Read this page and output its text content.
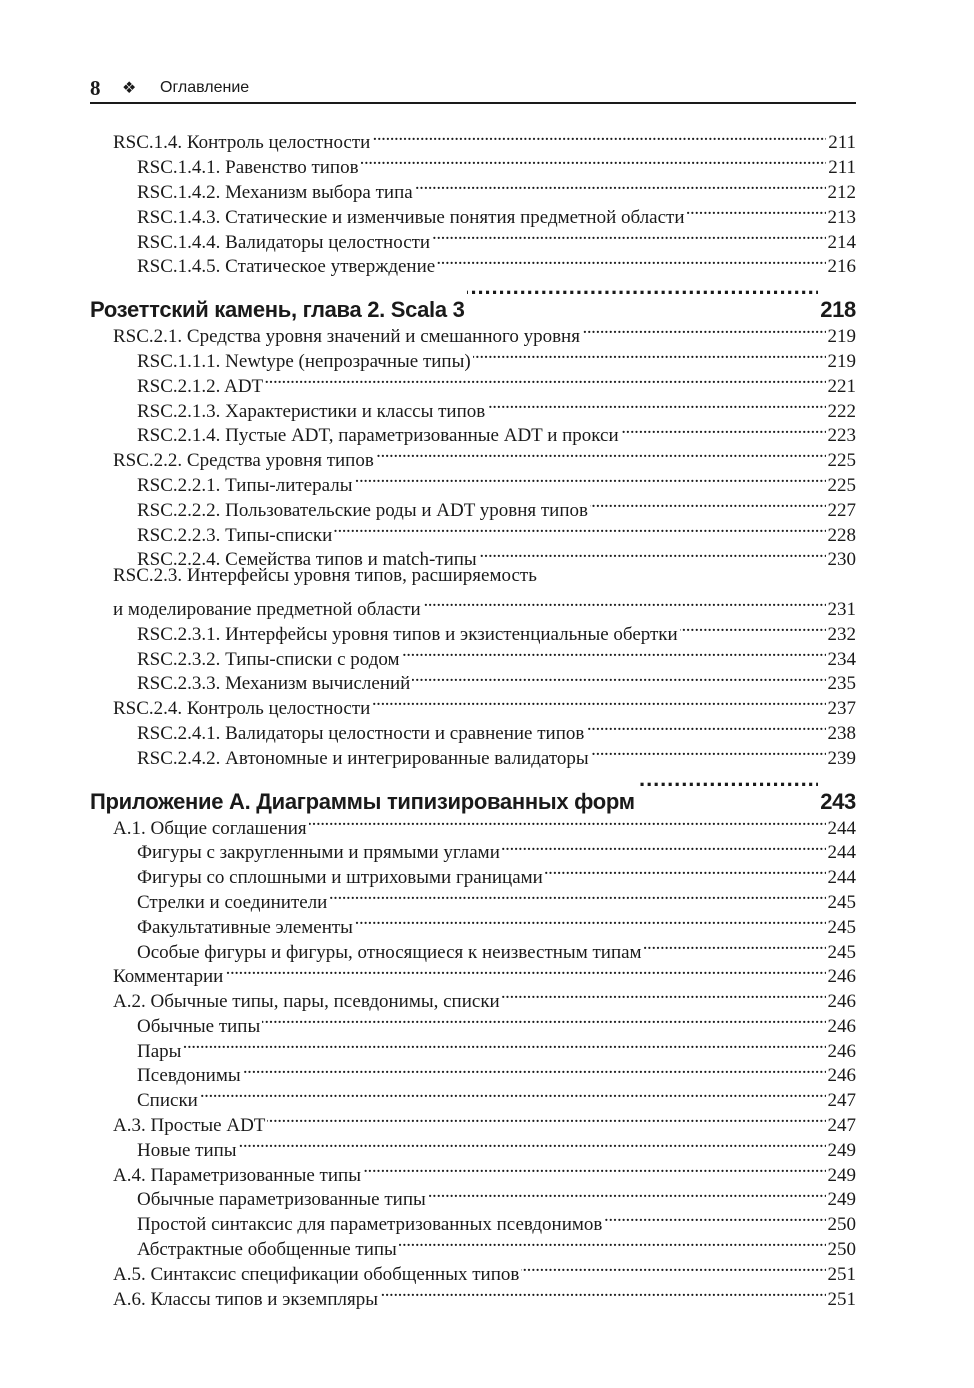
8 ❖ Оглавление
RSC.1.4. Контроль целостности . . .	211
RSC.1.4.1. Равенство типов . . .	211
RSC.1.4.2. Механизм выбора типа . . .	212
RSC.1.4.3. Статические и изменчивые понятия предметной области . . .	213
RSC.1.4.4. Валидаторы целостности . . .	214
RSC.1.4.5. Статическое утверждение . . .	216
Розеттский камень, глава 2. Scala 3 . . .	218
RSC.2.1. Средства уровня значений и смешанного уровня . . .	219
RSC.1.1.1. Newtype (непрозрачные типы) . . .	219
RSC.2.1.2. ADT . . .	221
RSC.2.1.3. Характеристики и классы типов . . .	222
RSC.2.1.4. Пустые ADT, параметризованные ADT и прокси . . .	223
RSC.2.2. Средства уровня типов . . .	225
RSC.2.2.1. Типы-литералы . . .	225
RSC.2.2.2. Пользовательские роды и ADT уровня типов . . .	227
RSC.2.2.3. Типы-списки . . .	228
RSC.2.2.4. Семейства типов и match-типы . . .	230
RSC.2.3. Интерфейсы уровня типов, расширяемость
и моделирование предметной области . . .	231
RSC.2.3.1. Интерфейсы уровня типов и экзистенциальные обертки . . .	232
RSC.2.3.2. Типы-списки с родом . . .	234
RSC.2.3.3. Механизм вычислений . . .	235
RSC.2.4. Контроль целостности . . .	237
RSC.2.4.1. Валидаторы целостности и сравнение типов . . .	238
RSC.2.4.2. Автономные и интегрированные валидаторы . . .	239
Приложение А. Диаграммы типизированных форм . . .	243
А.1. Общие соглашения . . .	244
Фигуры с закругленными и прямыми углами . . .	244
Фигуры со сплошными и штриховыми границами . . .	244
Стрелки и соединители . . .	245
Факультативные элементы . . .	245
Особые фигуры и фигуры, относящиеся к неизвестным типам . . .	245
Комментарии . . .	246
А.2. Обычные типы, пары, псевдонимы, списки . . .	246
Обычные типы . . .	246
Пары . . .	246
Псевдонимы . . .	246
Списки . . .	247
А.3. Простые ADT . . .	247
Новые типы . . .	249
А.4. Параметризованные типы . . .	249
Обычные параметризованные типы . . .	249
Простой синтаксис для параметризованных псевдонимов . . .	250
Абстрактные обобщенные типы . . .	250
А.5. Синтаксис спецификации обобщенных типов . . .	251
А.6. Классы типов и экземпляры . . .	251
